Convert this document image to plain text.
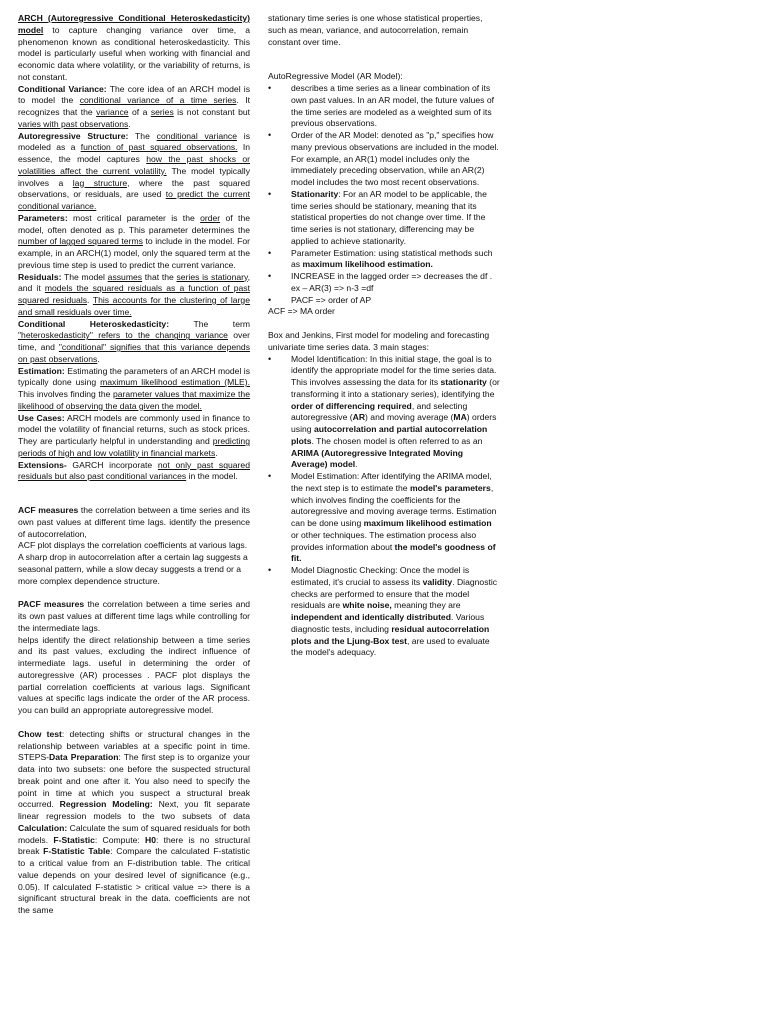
ARCH (Autoregressive Conditional Heteroskedasticity) model to capture changing variance over time, a phenomenon known as conditional heteroskedasticity. This model is particularly useful when working with financial and economic data where volatility, or the variability of returns, is not constant.

Conditional Variance: The core idea of an ARCH model is to model the conditional variance of a time series. It recognizes that the variance of a series is not constant but varies with past observations.

Autoregressive Structure: The conditional variance is modeled as a function of past squared observations. In essence, the model captures how the past shocks or volatilities affect the current volatility. The model typically involves a lag structure, where the past squared observations, or residuals, are used to predict the current conditional variance.

Parameters: most critical parameter is the order of the model, often denoted as p. This parameter determines the number of lagged squared terms to include in the model. For example, in an ARCH(1) model, only the squared term at the previous time step is used to predict the current variance.

Residuals: The model assumes that the series is stationary, and it models the squared residuals as a function of past squared residuals. This accounts for the clustering of large and small residuals over time.

Conditional Heteroskedasticity:	The term "heteroskedasticity" refers to the changing variance over time, and "conditional" signifies that this variance depends on past observations.

Estimation: Estimating the parameters of an ARCH model is typically done using maximum likelihood estimation (MLE). This involves finding the parameter values that maximize the likelihood of observing the data given the model.

Use Cases: ARCH models are commonly used in finance to model the volatility of financial returns, such as stock prices. They are particularly helpful in understanding and predicting periods of high and low volatility in financial markets.

Extensions- GARCH incorporate not only past squared residuals but also past conditional variances in the model.

ACF measures the correlation between a time series and its own past values at different time lags. identify the presence of autocorrelation,

ACF plot displays the correlation coefficients at various lags. A sharp drop in autocorrelation after a certain lag suggests a seasonal pattern, while a slow decay suggests a trend or a more complex dependence structure.

PACF measures the correlation between a time series and its own past values at different time lags while controlling for the intermediate lags.

helps identify the direct relationship between a time series and its past values, excluding the indirect influence of intermediate lags. useful in determining the order of autoregressive (AR) processes . PACF plot displays the partial correlation coefficients at various lags. Significant values at specific lags indicate the order of the AR process. you can build an appropriate autoregressive model.

Chow test: detecting shifts or structural changes in the relationship between variables at a specific point in time. STEPS-Data Preparation: The first step is to organize your data into two subsets: one before the suspected structural break point and one after it. You also need to specify the point in time at which you suspect a structural break occurred. Regression Modeling: Next, you fit separate linear regression models to the two subsets of data Calculation: Calculate the sum of squared residuals for both models. F-Statistic: Compute: H0: there is no structural break F-Statistic Table: Compare the calculated F-statistic to a critical value from an F-distribution table. The critical value depends on your desired level of significance (e.g., 0.05). If calculated F-statistic > critical value => there is a significant structural break in the data. coefficients are not the same

stationary time series is one whose statistical properties, such as mean, variance, and autocorrelation, remain constant over time.

AutoRegressive Model (AR Model):

• describes a time series as a linear combination of its own past values. In an AR model, the future values of the time series are modeled as a weighted sum of its previous observations.
• Order of the AR Model: denoted as "p," specifies how many previous observations are included in the model. For example, an AR(1) model includes only the immediately preceding observation, while an AR(2) model includes the two most recent observations.
• Stationarity: For an AR model to be applicable, the time series should be stationary, meaning that its statistical properties do not change over time. If the time series is not stationary, differencing may be applied to achieve stationarity.
• Parameter Estimation: using statistical methods such as maximum likelihood estimation.
• INCREASE in the lagged order => decreases the df . ex – AR(3) => n-3 =df
• PACF => order of AP

ACF => MA order

Box and Jenkins, First model for modeling and forecasting univariate time series data. 3 main stages:

• Model Identification: In this initial stage, the goal is to identify the appropriate model for the time series data. This involves assessing the data for its stationarity (or transforming it into a stationary series), identifying the order of differencing required, and selecting autoregressive (AR) and moving average (MA) orders using autocorrelation and partial autocorrelation plots. The chosen model is often referred to as an ARIMA (Autoregressive Integrated Moving Average) model.
• Model Estimation: After identifying the ARIMA model, the next step is to estimate the model's parameters, which involves finding the coefficients for the autoregressive and moving average terms. Estimation can be done using maximum likelihood estimation or other techniques. The estimation process also provides information about the model's goodness of fit.
• Model Diagnostic Checking: Once the model is estimated, it's crucial to assess its validity. Diagnostic checks are performed to ensure that the model residuals are white noise, meaning they are independent and identically distributed. Various diagnostic tests, including residual autocorrelation plots and the Ljung-Box test, are used to evaluate the model's adequacy.
